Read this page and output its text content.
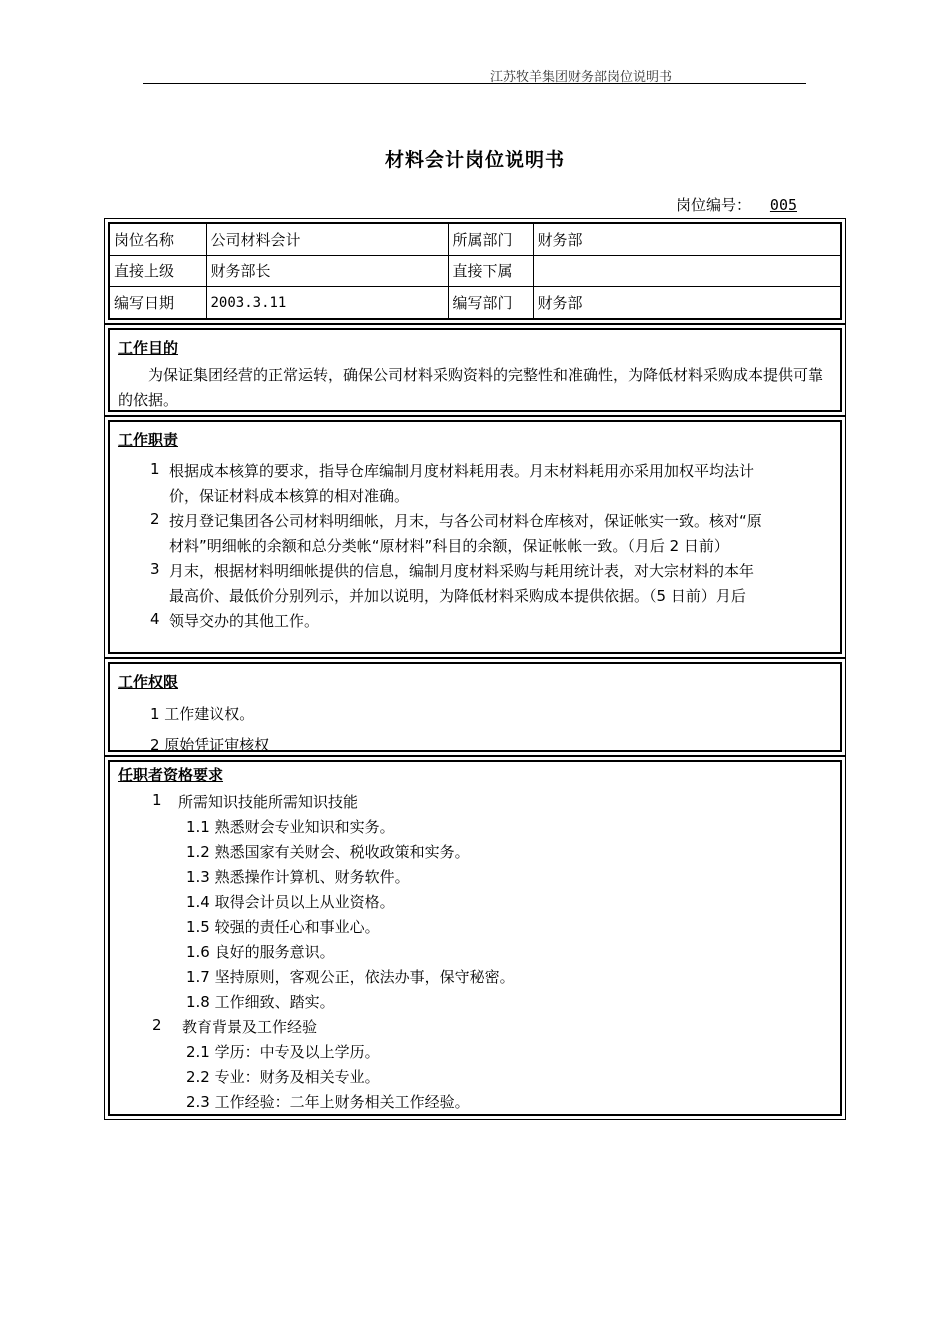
江苏牧羊集团财务部岗位说明书
材料会计岗位说明书
岗位编号： 005
岗位名称	公司材料会计	所属部门	财务部
直接上级	财务部长	直接下属	
编写日期	2003.3.11	编写部门	财务部
工作目的
为保证集团经营的正常运转，确保公司材料采购资料的完整性和准确性，为降低材料采购成本提供可靠的依据。
工作职责
1 根据成本核算的要求，指导仓库编制月度材料耗用表。月末材料耗用亦采用加权平均法计
价，保证材料成本核算的相对准确。
2 按月登记集团各公司材料明细帐，月末，与各公司材料仓库核对，保证帐实一致。核对“原
材料”明细帐的余额和总分类帐“原材料”科目的余额，保证帐帐一致。（月后 2 日前）
3 月末，根据材料明细帐提供的信息，编制月度材料采购与耗用统计表，对大宗材料的本年
最高价、最低价分别列示，并加以说明，为降低材料采购成本提供依据。（5 日前）月后
4 领导交办的其他工作。
工作权限
1 工作建议权。
2 原始凭证审核权
任职者资格要求
1 所需知识技能所需知识技能
1.1 熟悉财会专业知识和实务。
1.2 熟悉国家有关财会、税收政策和实务。
1.3 熟悉操作计算机、财务软件。
1.4 取得会计员以上从业资格。
1.5 较强的责任心和事业心。
1.6 良好的服务意识。
1.7 坚持原则，客观公正，依法办事，保守秘密。
1.8 工作细致、踏实。
2 教育背景及工作经验
2.1 学历：中专及以上学历。
2.2 专业：财务及相关专业。
2.3 工作经验：二年上财务相关工作经验。
